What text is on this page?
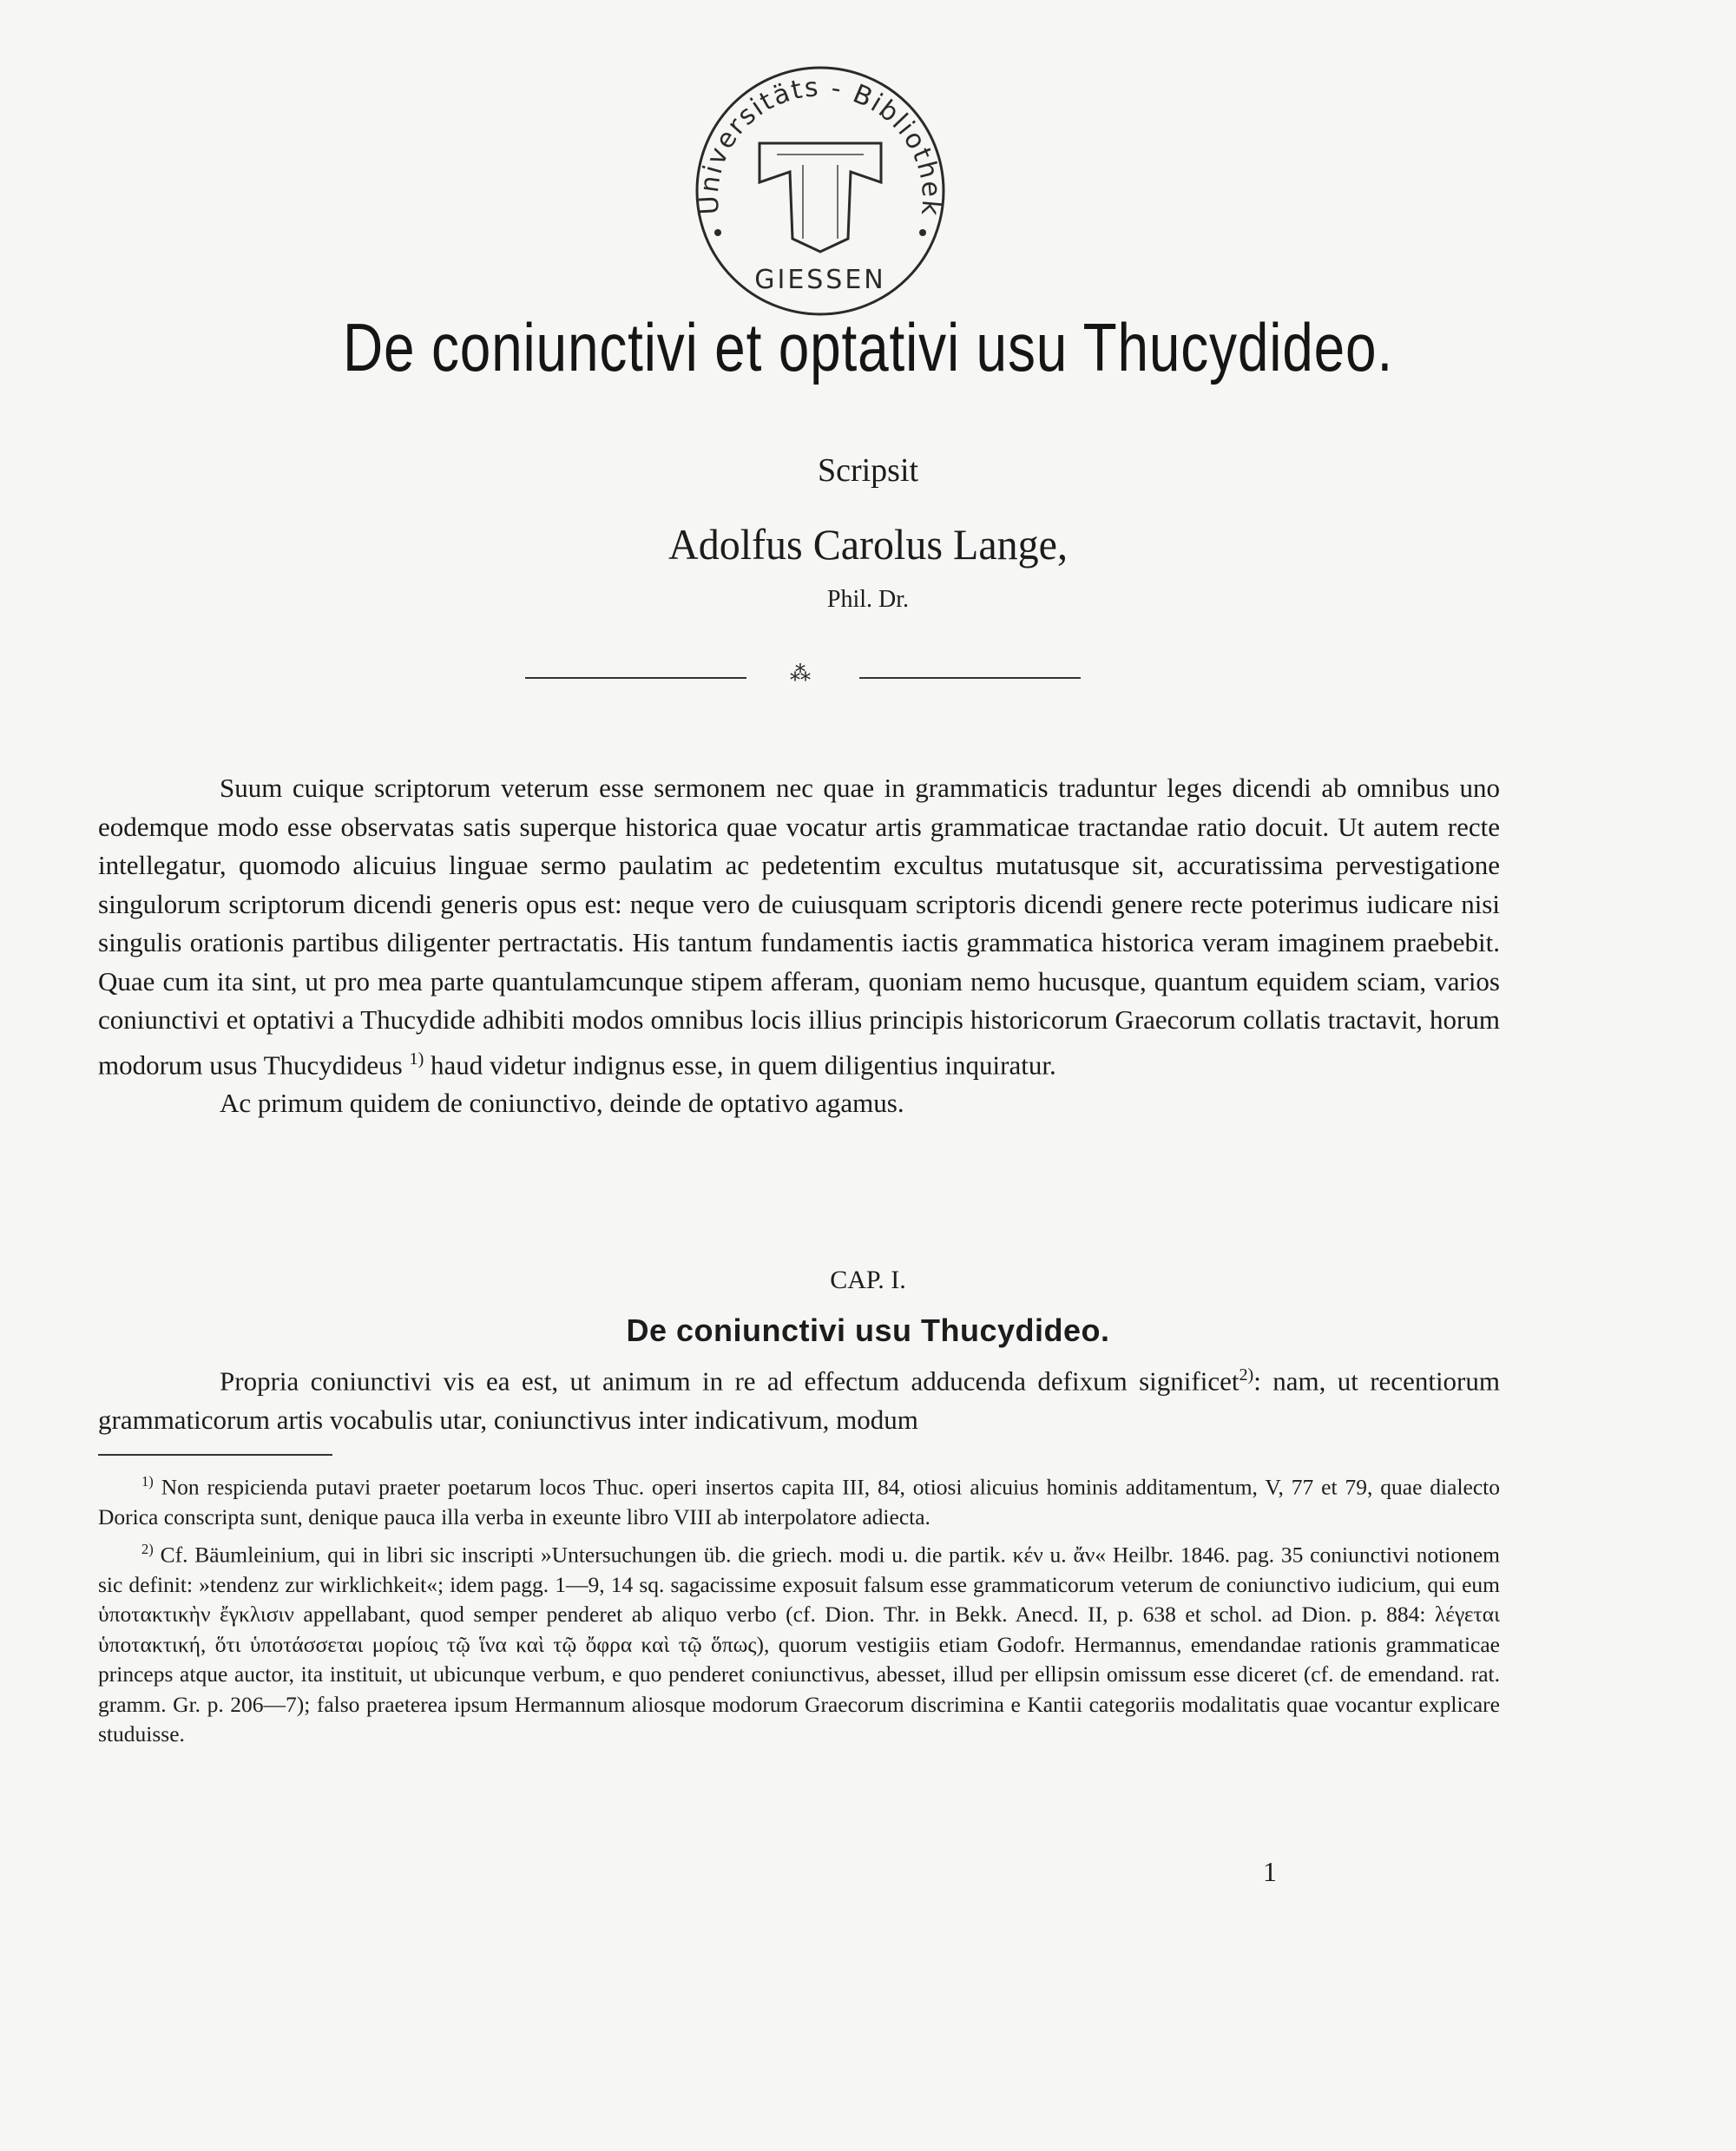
Universitäts - Bibliothek
GIESSEN
De coniunctivi et optativi usu Thucydideo.
Scripsit
Adolfus Carolus Lange,
Phil. Dr.
⁂

Suum cuique scriptorum veterum esse sermonem nec quae in grammaticis traduntur leges dicendi ab omnibus uno eodemque modo esse observatas satis superque historica quae vocatur artis grammaticae tractandae ratio docuit. Ut autem recte intellegatur, quomodo alicuius linguae sermo paulatim ac pedetentim excultus mutatusque sit, accuratissima pervestigatione singulorum scriptorum dicendi generis opus est: neque vero de cuiusquam scriptoris dicendi genere recte poterimus iudicare nisi singulis orationis partibus diligenter pertractatis. His tantum fundamentis iactis grammatica historica veram imaginem praebebit. Quae cum ita sint, ut pro mea parte quantulamcunque stipem afferam, quoniam nemo hucusque, quantum equidem sciam, varios coniunctivi et optativi a Thucydide adhibiti modos omnibus locis illius principis historicorum Graecorum collatis tractavit, horum modorum usus Thucydideus $^{1)}$ haud videtur indignus esse, in quem diligentius inquiratur.

Ac primum quidem de coniunctivo, deinde de optativo agamus.

CAP. I.
De coniunctivi usu Thucydideo.

Propria coniunctivi vis ea est, ut animum in re ad effectum adducenda defixum significet$^{2)}$: nam, ut recentiorum grammaticorum artis vocabulis utar, coniunctivus inter indicativum, modum

$^{1)}$ Non respicienda putavi praeter poetarum locos Thuc. operi insertos capita III, 84, otiosi alicuius hominis additamentum, V, 77 et 79, quae dialecto Dorica conscripta sunt, denique pauca illa verba in exeunte libro VIII ab interpolatore adiecta.

$^{2)}$ Cf. Bäumleinium, qui in libri sic inscripti »Untersuchungen üb. die griech. modi u. die partik. κέν u. ἄν« Heilbr. 1846. pag. 35 coniunctivi notionem sic definit: »tendenz zur wirklichkeit«; idem pagg. 1—9, 14 sq. sagacissime exposuit falsum esse grammaticorum veterum de coniunctivo iudicium, qui eum ὑποτακτικὴν ἔγκλισιν appellabant, quod semper penderet ab aliquo verbo (cf. Dion. Thr. in Bekk. Anecd. II, p. 638 et schol. ad Dion. p. 884: λέγεται ὑποτακτική, ὅτι ὑποτάσσεται μορίοις τῷ ἵνα καὶ τῷ ὄφρα καὶ τῷ ὅπως), quorum vestigiis etiam Godofr. Hermannus, emendandae rationis grammaticae princeps atque auctor, ita instituit, ut ubicunque verbum, e quo penderet coniunctivus, abesset, illud per ellipsin omissum esse diceret (cf. de emendand. rat. gramm. Gr. p. 206—7); falso praeterea ipsum Hermannum aliosque modorum Graecorum discrimina e Kantii categoriis modalitatis quae vocantur explicare studuisse.

1
